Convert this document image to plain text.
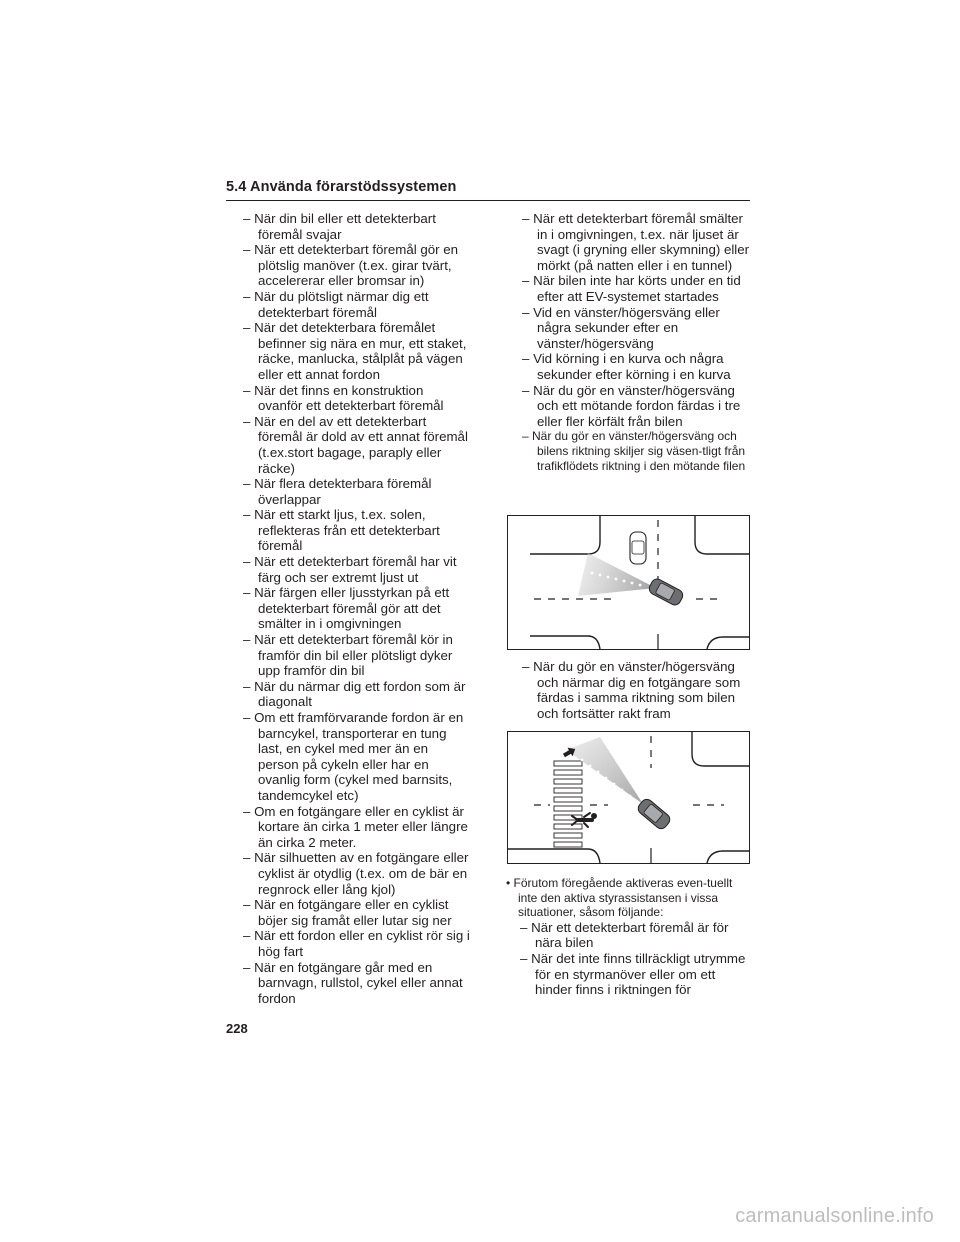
5.4 Använda förarstödssystemen
– När din bil eller ett detekterbart föremål svajar
– När ett detekterbart föremål gör en plötslig manöver (t.ex. girar tvärt, accelererar eller bromsar in)
– När du plötsligt närmar dig ett detekterbart föremål
– När det detekterbara föremålet befinner sig nära en mur, ett staket, räcke, manlucka, stålplåt på vägen eller ett annat fordon
– När det finns en konstruktion ovanför ett detekterbart föremål
– När en del av ett detekterbart föremål är dold av ett annat föremål (t.ex.stort bagage, paraply eller räcke)
– När flera detekterbara föremål överlappar
– När ett starkt ljus, t.ex. solen, reflekteras från ett detekterbart föremål
– När ett detekterbart föremål har vit färg och ser extremt ljust ut
– När färgen eller ljusstyrkan på ett detekterbart föremål gör att det smälter in i omgivningen
– När ett detekterbart föremål kör in framför din bil eller plötsligt dyker upp framför din bil
– När du närmar dig ett fordon som är diagonalt
– Om ett framförvarande fordon är en barncykel, transporterar en tung last, en cykel med mer än en person på cykeln eller har en ovanlig form (cykel med barnsits, tandemcykel etc)
– Om en fotgängare eller en cyklist är kortare än cirka 1 meter eller längre än cirka 2 meter.
– När silhuetten av en fotgängare eller cyklist är otydlig (t.ex. om de bär en regnrock eller lång kjol)
– När en fotgängare eller en cyklist böjer sig framåt eller lutar sig ner
– När ett fordon eller en cyklist rör sig i hög fart
– När en fotgängare går med en barnvagn, rullstol, cykel eller annat fordon
– När ett detekterbart föremål smälter in i omgivningen, t.ex. när ljuset är svagt (i gryning eller skymning) eller mörkt (på natten eller i en tunnel)
– När bilen inte har körts under en tid efter att EV-systemet startades
– Vid en vänster/högersväng eller några sekunder efter en vänster/högersväng
– Vid körning i en kurva och några sekunder efter körning i en kurva
– När du gör en vänster/högersväng och ett mötande fordon färdas i tre eller fler körfält från bilen
– När du gör en vänster/högersväng och bilens riktning skiljer sig väsen-tligt från trafikflödets riktning i den mötande filen
– När du gör en vänster/högersväng och närmar dig en fotgängare som färdas i samma riktning som bilen och fortsätter rakt fram
• Förutom föregående aktiveras even-tuellt inte den aktiva styrassistansen i vissa situationer, såsom följande:
– När ett detekterbart föremål är för nära bilen
– När det inte finns tillräckligt utrymme för en styrmanöver eller om ett hinder finns i riktningen för
228
carmanualsonline.info
